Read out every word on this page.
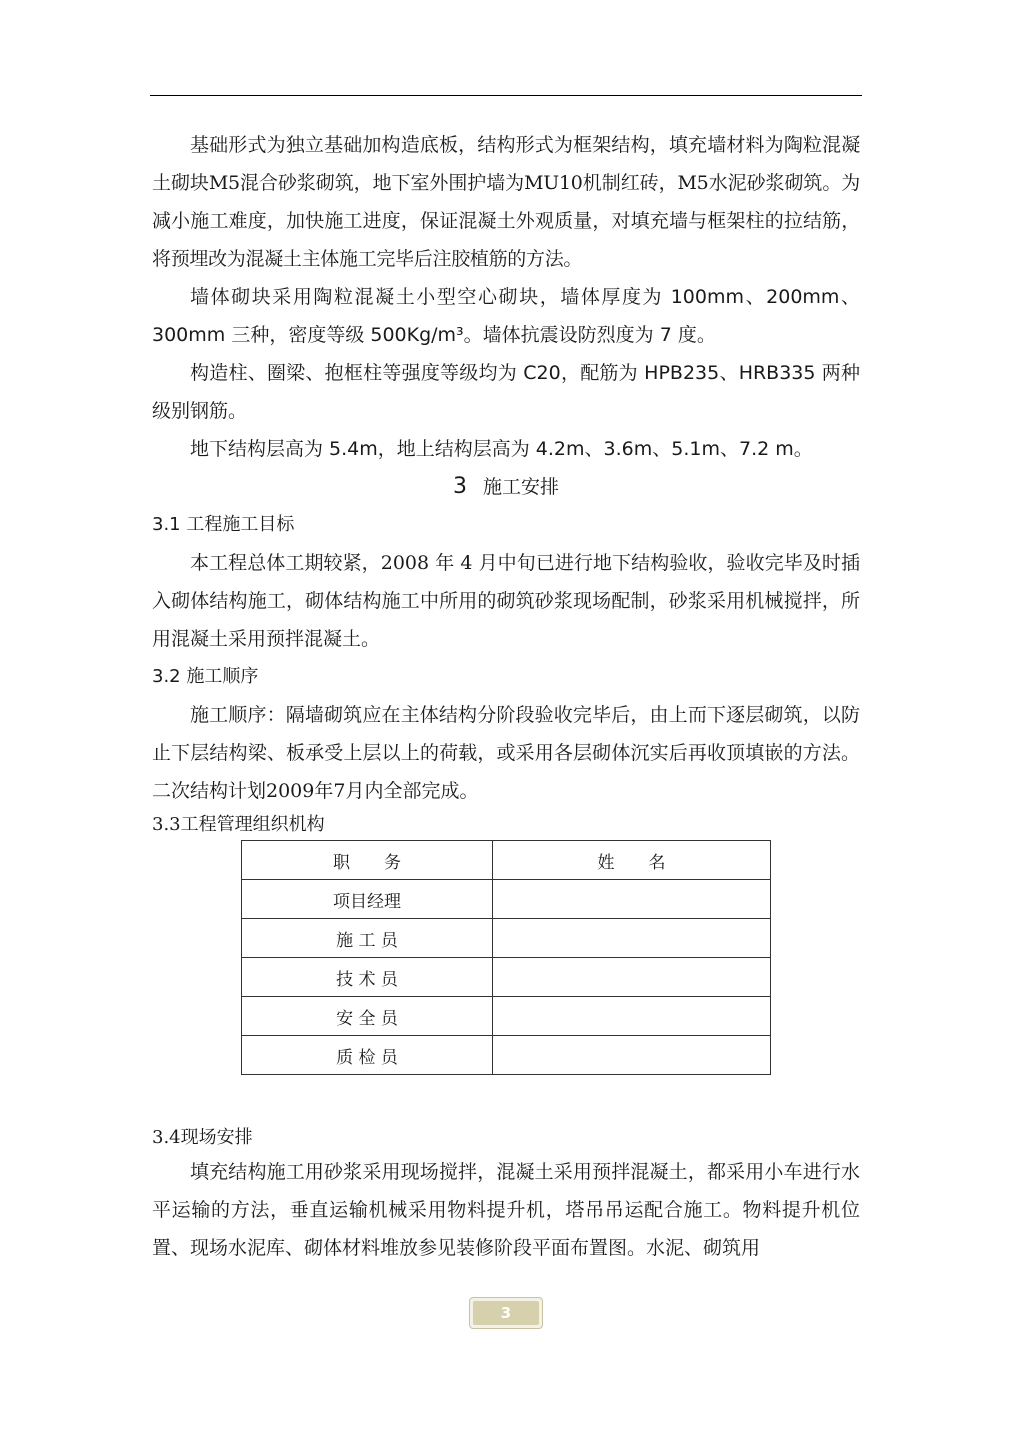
基础形式为独立基础加构造底板，结构形式为框架结构，填充墙材料为陶粒混凝土砌块M5混合砂浆砌筑，地下室外围护墙为MU10机制红砖，M5水泥砂浆砌筑。为减小施工难度，加快施工进度，保证混凝土外观质量，对填充墙与框架柱的拉结筋，将预埋改为混凝土主体施工完毕后注胶植筋的方法。

墙体砌块采用陶粒混凝土小型空心砌块，墙体厚度为 100mm、200mm、300mm 三种，密度等级 500Kg/m³。墙体抗震设防烈度为 7 度。

构造柱、圈梁、抱框柱等强度等级均为 C20，配筋为 HPB235、HRB335 两种级别钢筋。

地下结构层高为 5.4m，地上结构层高为 4.2m、3.6m、5.1m、7.2 m。

3 施工安排

3.1 工程施工目标

本工程总体工期较紧，2008 年 4 月中旬已进行地下结构验收，验收完毕及时插入砌体结构施工，砌体结构施工中所用的砌筑砂浆现场配制，砂浆采用机械搅拌，所用混凝土采用预拌混凝土。

3.2 施工顺序

施工顺序：隔墙砌筑应在主体结构分阶段验收完毕后，由上而下逐层砌筑，以防止下层结构梁、板承受上层以上的荷载，或采用各层砌体沉实后再收顶填嵌的方法。二次结构计划2009年7月内全部完成。

3.3工程管理组织机构

职　　务	姓　　名
项目经理	
施 工 员	
技 术 员	
安 全 员	
质 检 员	

3.4现场安排

填充结构施工用砂浆采用现场搅拌，混凝土采用预拌混凝土，都采用小车进行水平运输的方法，垂直运输机械采用物料提升机，塔吊吊运配合施工。物料提升机位置、现场水泥库、砌体材料堆放参见装修阶段平面布置图。水泥、砌筑用

3
